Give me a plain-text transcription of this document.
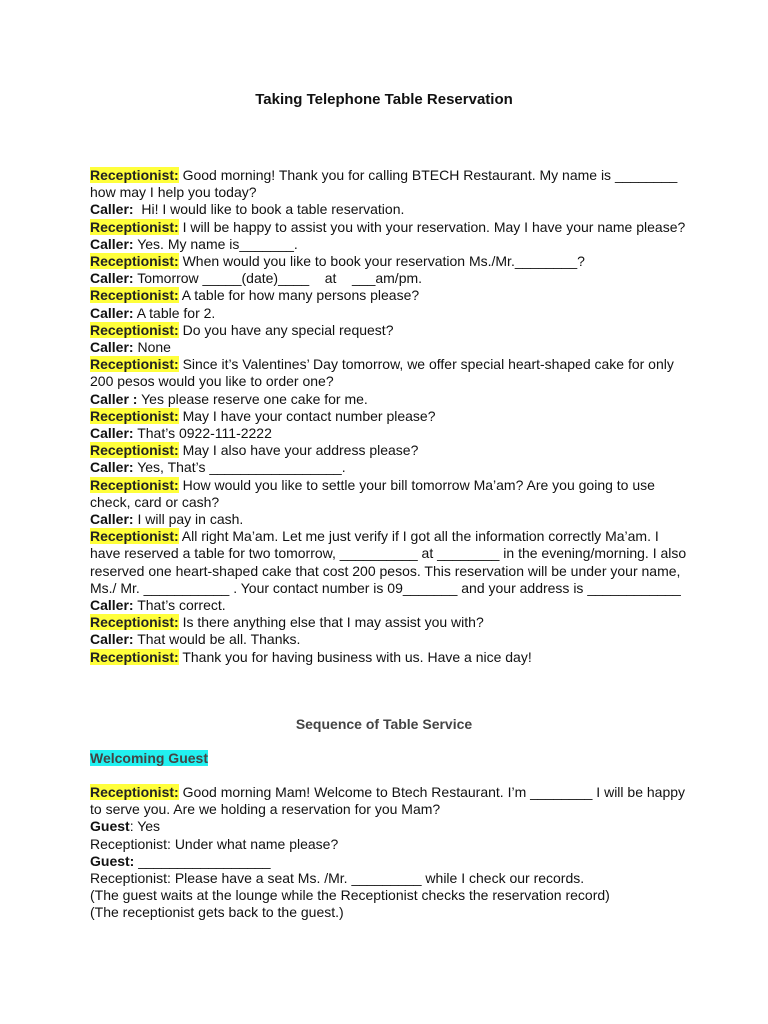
Taking Telephone Table Reservation

Receptionist: Good morning! Thank you for calling BTECH Restaurant. My name is ________ how may I help you today?

Caller:  Hi! I would like to book a table reservation.

Receptionist: I will be happy to assist you with your reservation. May I have your name please?

Caller: Yes. My name is_______.

Receptionist: When would you like to book your reservation Ms./Mr.________?

Caller: Tomorrow _____(date)____    at    ___am/pm.

Receptionist: A table for how many persons please?

Caller: A table for 2.

Receptionist: Do you have any special request?

Caller: None

Receptionist: Since it’s Valentines’ Day tomorrow, we offer special heart-shaped cake for only 200 pesos would you like to order one?

Caller : Yes please reserve one cake for me.

Receptionist: May I have your contact number please?

Caller: That’s 0922-111-2222

Receptionist: May I also have your address please?

Caller: Yes, That’s _________________.

Receptionist: How would you like to settle your bill tomorrow Ma’am? Are you going to use check, card or cash?

Caller: I will pay in cash.

Receptionist: All right Ma’am. Let me just verify if I got all the information correctly Ma’am. I have reserved a table for two tomorrow, __________ at ________ in the evening/morning. I also reserved one heart-shaped cake that cost 200 pesos. This reservation will be under your name, Ms./ Mr. ___________ . Your contact number is 09_______ and your address is ____________

Caller: That’s correct.

Receptionist: Is there anything else that I may assist you with?

Caller: That would be all. Thanks.

Receptionist: Thank you for having business with us. Have a nice day!

Sequence of Table Service
Welcoming Guest

Receptionist: Good morning Mam! Welcome to Btech Restaurant. I’m ________ I will be happy to serve you. Are we holding a reservation for you Mam?

Guest: Yes

Receptionist: Under what name please?

Guest: _________________

Receptionist: Please have a seat Ms. /Mr. _________ while I check our records.

(The guest waits at the lounge while the Receptionist checks the reservation record)

(The receptionist gets back to the guest.)
